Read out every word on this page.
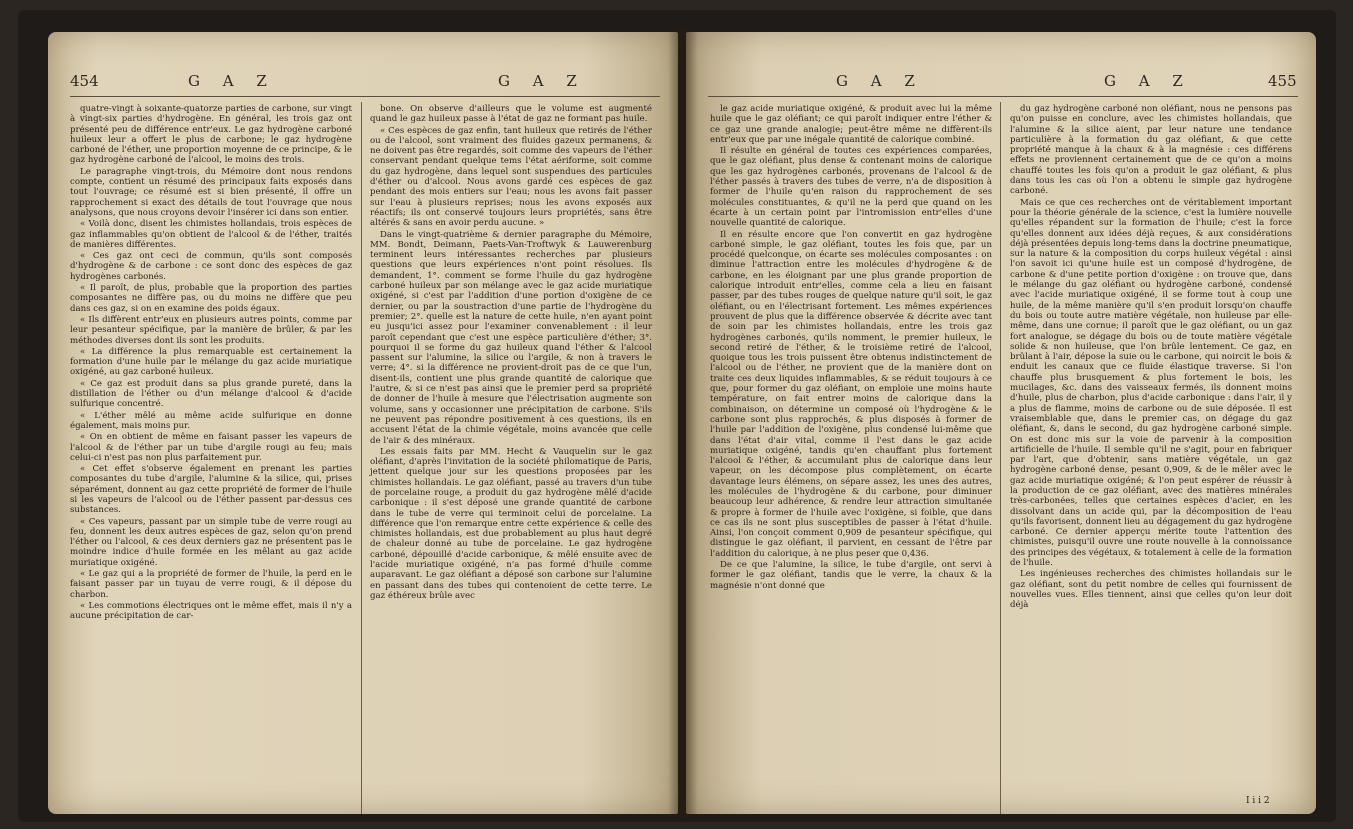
454	G A Z	G A Z

quatre-vingt à soixante-quatorze parties de carbone, sur vingt à vingt-six parties d'hydrogène. En général, les trois gaz ont présenté peu de différence entr'eux. Le gaz hydrogène carboné huileux leur a offert le plus de carbone; le gaz hydrogène carboné de l'éther, une proportion moyenne de ce principe, & le gaz hydrogène carboné de l'alcool, le moins des trois.

Le paragraphe vingt-trois, du Mémoire dont nous rendons compte, contient un résumé des principaux faits exposés dans tout l'ouvrage; ce résumé est si bien présenté, il offre un rapprochement si exact des détails de tout l'ouvrage que nous analysons, que nous croyons devoir l'insérer ici dans son entier.

« Voilà donc, disent les chimistes hollandais, trois espèces de gaz inflammables qu'on obtient de l'alcool & de l'éther, traités de manières différentes.

« Ces gaz ont ceci de commun, qu'ils sont composés d'hydrogène & de carbone : ce sont donc des espèces de gaz hydrogènes carbonés.

« Il paroît, de plus, probable que la proportion des parties composantes ne diffère pas, ou du moins ne diffère que peu dans ces gaz, si on en examine des poids égaux.

« Ils diffèrent entr'eux en plusieurs autres points, comme par leur pesanteur spécifique, par la manière de brûler, & par les méthodes diverses dont ils sont les produits.

« La différence la plus remarquable est certainement la formation d'une huile par le mélange du gaz acide muriatique oxigéné, au gaz carboné huileux.

« Ce gaz est produit dans sa plus grande pureté, dans la distillation de l'éther ou d'un mélange d'alcool & d'acide sulfurique concentré.

« L'éther mêlé au même acide sulfurique en donne également, mais moins pur.

« On en obtient de même en faisant passer les vapeurs de l'alcool & de l'éther par un tube d'argile rougi au feu; mais celui-ci n'est pas non plus parfaitement pur.

« Cet effet s'observe également en prenant les parties composantes du tube d'argile, l'alumine & la silice, qui, prises séparément, donnent au gaz cette propriété de former de l'huile si les vapeurs de l'alcool ou de l'éther passent par-dessus ces substances.

« Ces vapeurs, passant par un simple tube de verre rougi au feu, donnent les deux autres espèces de gaz, selon qu'on prend l'éther ou l'alcool, & ces deux derniers gaz ne présentent pas le moindre indice d'huile formée en les mêlant au gaz acide muriatique oxigéné.

« Le gaz qui a la propriété de former de l'huile, la perd en le faisant passer par un tuyau de verre rougi, & il dépose du charbon.

« Les commotions électriques ont le même effet, mais il n'y a aucune précipitation de car-

bone. On observe d'ailleurs que le volume est augmenté quand le gaz huileux passe à l'état de gaz ne formant pas huile.

« Ces espèces de gaz enfin, tant huileux que retirés de l'éther ou de l'alcool, sont vraiment des fluides gazeux permanens, & ne doivent pas être regardés, soit comme des vapeurs de l'éther conservant pendant quelque tems l'état aériforme, soit comme du gaz hydrogène, dans lequel sont suspendues des particules d'éther ou d'alcool. Nous avons gardé ces espèces de gaz pendant des mois entiers sur l'eau; nous les avons fait passer sur l'eau à plusieurs reprises; nous les avons exposés aux réactifs; ils ont conservé toujours leurs propriétés, sans être altérés & sans en avoir perdu aucune. »

Dans le vingt-quatrième & dernier paragraphe du Mémoire, MM. Bondt, Deimann, Paets-Van-Troftwyk & Lauwerenburg terminent leurs intéressantes recherches par plusieurs questions que leurs expériences n'ont point résolues. Ils demandent, 1°. comment se forme l'huile du gaz hydrogène carboné huileux par son mélange avec le gaz acide muriatique oxigéné, si c'est par l'addition d'une portion d'oxigène de ce dernier, ou par la soustraction d'une partie de l'hydrogène du premier; 2°. quelle est la nature de cette huile, n'en ayant point eu jusqu'ici assez pour l'examiner convenablement : il leur paroît cependant que c'est une espèce particulière d'éther; 3°. pourquoi il se forme du gaz huileux quand l'éther & l'alcool passent sur l'alumine, la silice ou l'argile, & non à travers le verre; 4°. si la différence ne provient-droit pas de ce que l'un, disent-ils, contient une plus grande quantité de calorique que l'autre, & si ce n'est pas ainsi que le premier perd sa propriété de donner de l'huile à mesure que l'électrisation augmente son volume, sans y occasionner une précipitation de carbone. S'ils ne peuvent pas répondre positivement à ces questions, ils en accusent l'état de la chimie végétale, moins avancée que celle de l'air & des minéraux.

Les essais faits par MM. Hecht & Vauquelin sur le gaz oléfiant, d'après l'invitation de la société philomatique de Paris, jettent quelque jour sur les questions proposées par les chimistes hollandais. Le gaz oléfiant, passé au travers d'un tube de porcelaine rouge, a produit du gaz hydrogène mêlé d'acide carbonique : il s'est déposé une grande quantité de carbone dans le tube de verre qui terminoit celui de porcelaine. La différence que l'on remarque entre cette expérience & celle des chimistes hollandais, est due probablement au plus haut degré de chaleur donné au tube de porcelaine. Le gaz hydrogène carboné, dépouillé d'acide carbonique, & mêlé ensuite avec de l'acide muriatique oxigéné, n'a pas formé d'huile comme auparavant. Le gaz oléfiant a déposé son carbone sur l'alumine en passant dans des tubes qui contenoient de cette terre. Le gaz éthéreux brûle avec

G A Z	G A Z	455

le gaz acide muriatique oxigéné, & produit avec lui la même huile que le gaz oléfiant; ce qui paroît indiquer entre l'éther & ce gaz une grande analogie; peut-être même ne diffèrent-ils entr'eux que par une inégale quantité de calorique combiné.

Il résulte en général de toutes ces expériences comparées, que le gaz oléfiant, plus dense & contenant moins de calorique que les gaz hydrogènes carbonés, provenans de l'alcool & de l'éther passés à travers des tubes de verre, n'a de disposition à former de l'huile qu'en raison du rapprochement de ses molécules constituantes, & qu'il ne la perd que quand on les écarte à un certain point par l'intromission entr'elles d'une nouvelle quantité de calorique.

Il en résulte encore que l'on convertit en gaz hydrogène carboné simple, le gaz oléfiant, toutes les fois que, par un procédé quelconque, on écarte ses molécules composantes : on diminue l'attraction entre les molécules d'hydrogène & de carbone, en les éloignant par une plus grande proportion de calorique introduit entr'elles, comme cela a lieu en faisant passer, par des tubes rouges de quelque nature qu'il soit, le gaz oléfiant, ou en l'électrisant fortement. Les mêmes expériences prouvent de plus que la différence observée & décrite avec tant de soin par les chimistes hollandais, entre les trois gaz hydrogènes carbonés, qu'ils nomment, le premier huileux, le second retiré de l'éther, & le troisième retiré de l'alcool, quoique tous les trois puissent être obtenus indistinctement de l'alcool ou de l'éther, ne provient que de la manière dont on traite ces deux liquides inflammables, & se réduit toujours à ce que, pour former du gaz oléfiant, on emploie une moins haute température, on fait entrer moins de calorique dans la combinaison, on détermine un composé où l'hydrogène & le carbone sont plus rapprochés, & plus disposés à former de l'huile par l'addition de l'oxigène, plus condensé lui-même que dans l'état d'air vital, comme il l'est dans le gaz acide muriatique oxigéné, tandis qu'en chauffant plus fortement l'alcool & l'éther, & accumulant plus de calorique dans leur vapeur, on les décompose plus complètement, on écarte davantage leurs élémens, on sépare assez, les unes des autres, les molécules de l'hydrogène & du carbone, pour diminuer beaucoup leur adhérence, & rendre leur attraction simultanée & propre à former de l'huile avec l'oxigène, si foible, que dans ce cas ils ne sont plus susceptibles de passer à l'état d'huile. Ainsi, l'on conçoit comment 0,909 de pesanteur spécifique, qui distingue le gaz oléfiant, il parvient, en cessant de l'être par l'addition du calorique, à ne plus peser que 0,436.

De ce que l'alumine, la silice, le tube d'argile, ont servi à former le gaz oléfiant, tandis que le verre, la chaux & la magnésie n'ont donné que

du gaz hydrogène carboné non oléfiant, nous ne pensons pas qu'on puisse en conclure, avec les chimistes hollandais, que l'alumine & la silice aient, par leur nature une tendance particulière à la formation du gaz oléfiant, & que cette propriété manque à la chaux & à la magnésie : ces différens effets ne proviennent certainement que de ce qu'on a moins chauffé toutes les fois qu'on a produit le gaz oléfiant, & plus dans tous les cas où l'on a obtenu le simple gaz hydrogène carboné.

Mais ce que ces recherches ont de véritablement important pour la théorie générale de la science, c'est la lumière nouvelle qu'elles répandent sur la formation de l'huile; c'est la force qu'elles donnent aux idées déjà reçues, & aux considérations déjà présentées depuis long-tems dans la doctrine pneumatique, sur la nature & la composition du corps huileux végétal : ainsi l'on savoit ici qu'une huile est un composé d'hydrogène, de carbone & d'une petite portion d'oxigène : on trouve que, dans le mélange du gaz oléfiant ou hydrogène carboné, condensé avec l'acide muriatique oxigéné, il se forme tout à coup une huile, de la même manière qu'il s'en produit lorsqu'on chauffe du bois ou toute autre matière végétale, non huileuse par elle-même, dans une cornue; il paroît que le gaz oléfiant, ou un gaz fort analogue, se dégage du bois ou de toute matière végétale solide & non huileuse, que l'on brûle lentement. Ce gaz, en brûlant à l'air, dépose la suie ou le carbone, qui noircit le bois & enduit les canaux que ce fluide élastique traverse. Si l'on chauffe plus brusquement & plus fortement le bois, les mucilages, &c. dans des vaisseaux fermés, ils donnent moins d'huile, plus de charbon, plus d'acide carbonique : dans l'air, il y a plus de flamme, moins de carbone ou de suie déposée. Il est vraisemblable que, dans le premier cas, on dégage du gaz oléfiant, &, dans le second, du gaz hydrogène carboné simple. On est donc mis sur la voie de parvenir à la composition artificielle de l'huile. Il semble qu'il ne s'agit, pour en fabriquer par l'art, que d'obtenir, sans matière végétale, un gaz hydrogène carboné dense, pesant 0,909, & de le mêler avec le gaz acide muriatique oxigéné; & l'on peut espérer de réussir à la production de ce gaz oléfiant, avec des matières minérales très-carbonées, telles que certaines espèces d'acier, en les dissolvant dans un acide qui, par la décomposition de l'eau qu'ils favorisent, donnent lieu au dégagement du gaz hydrogène carboné. Ce dernier apperçu mérite toute l'attention des chimistes, puisqu'il ouvre une route nouvelle à la connoissance des principes des végétaux, & totalement à celle de la formation de l'huile.

Les ingénieuses recherches des chimistes hollandais sur le gaz oléfiant, sont du petit nombre de celles qui fournissent de nouvelles vues. Elles tiennent, ainsi que celles qu'on leur doit déjà

I i i 2
